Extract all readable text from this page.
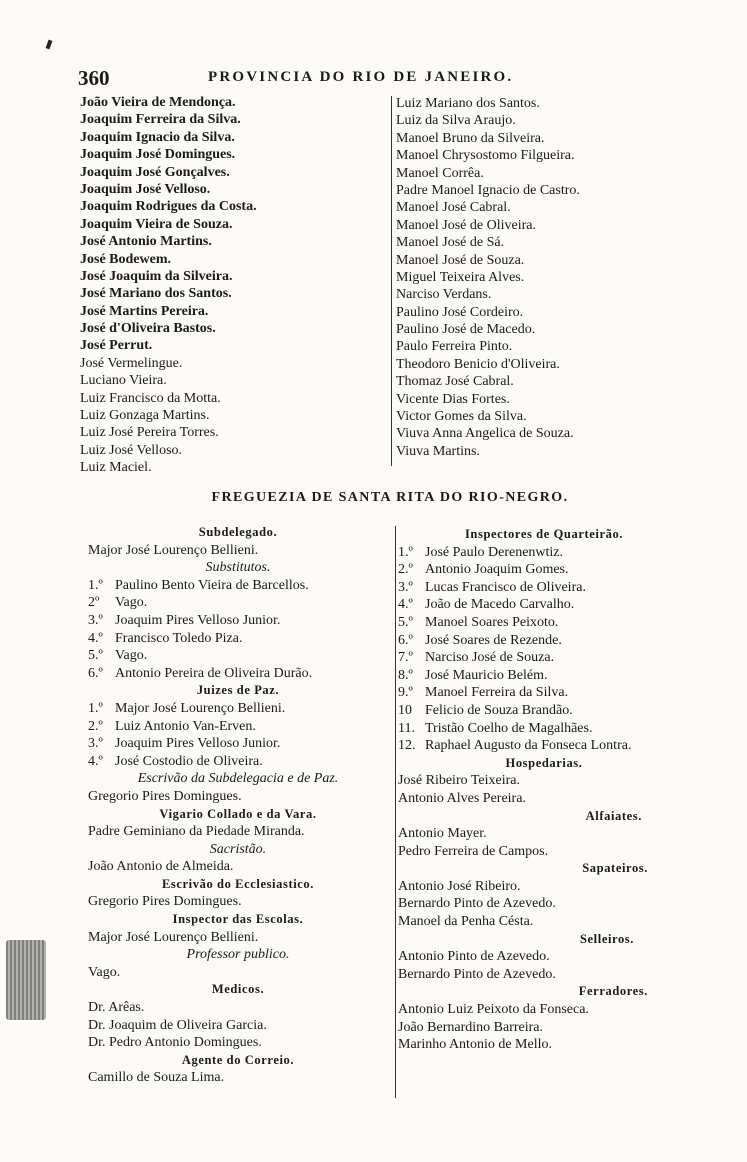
360	PROVINCIA DO RIO DE JANEIRO.
João Vieira de Mendonça.
Joaquim Ferreira da Silva.
Joaquim Ignacio da Silva.
Joaquim José Domingues.
Joaquim José Gonçalves.
Joaquim José Velloso.
Joaquim Rodrigues da Costa.
Joaquim Vieira de Souza.
José Antonio Martins.
José Bodewem.
José Joaquim da Silveira.
José Mariano dos Santos.
José Martins Pereira.
José d'Oliveira Bastos.
José Perrut.
José Vermelingue.
Luciano Vieira.
Luiz Francisco da Motta.
Luiz Gonzaga Martins.
Luiz José Pereira Torres.
Luiz José Velloso.
Luiz Maciel.
Luiz Mariano dos Santos.
Luiz da Silva Araujo.
Manoel Bruno da Silveira.
Manoel Chrysostomo Filgueira.
Manoel Corrêa.
Padre Manoel Ignacio de Castro.
Manoel José Cabral.
Manoel José de Oliveira.
Manoel José de Sá.
Manoel José de Souza.
Miguel Teixeira Alves.
Narciso Verdans.
Paulino José Cordeiro.
Paulino José de Macedo.
Paulo Ferreira Pinto.
Theodoro Benicio d'Oliveira.
Thomaz José Cabral.
Vicente Dias Fortes.
Victor Gomes da Silva.
Viuva Anna Angelica de Souza.
Viuva Martins.
FREGUEZIA DE SANTA RITA DO RIO-NEGRO.
Subdelegado.
Major José Lourenço Bellieni.
Substitutos.
1.º Paulino Bento Vieira de Barcellos.
2º Vago.
3.º Joaquim Pires Velloso Junior.
4.º Francisco Toledo Piza.
5.º Vago.
6.º Antonio Pereira de Oliveira Durão.
Juizes de Paz.
1.º Major José Lourenço Bellieni.
2.º Luiz Antonio Van-Erven.
3.º Joaquim Pires Velloso Junior.
4.º José Costodio de Oliveira.
Escrivão da Subdelegacia e de Paz.
Gregorio Pires Domingues.
Vigario Collado e da Vara.
Padre Geminiano da Piedade Miranda.
Sacristão.
João Antonio de Almeida.
Escrivão do Ecclesiastico.
Gregorio Pires Domingues.
Inspector das Escolas.
Major José Lourenço Bellieni.
Professor publico.
Vago.
Medicos.
Dr. Arêas.
Dr. Joaquim de Oliveira Garcia.
Dr. Pedro Antonio Domingues.
Agente do Correio.
Camillo de Souza Lima.
Inspectores de Quarteirão.
1.º José Paulo Derenenwtiz.
2.º Antonio Joaquim Gomes.
3.º Lucas Francisco de Oliveira.
4.º João de Macedo Carvalho.
5.º Manoel Soares Peixoto.
6.º José Soares de Rezende.
7.º Narciso José de Souza.
8.º José Mauricio Belém.
9.º Manoel Ferreira da Silva.
10 Felicio de Souza Brandão.
11. Tristão Coelho de Magalhães.
12. Raphael Augusto da Fonseca Lontra.
Hospedarias.
José Ribeiro Teixeira.
Antonio Alves Pereira.
Alfaiates.
Antonio Mayer.
Pedro Ferreira de Campos.
Sapateiros.
Antonio José Ribeiro.
Bernardo Pinto de Azevedo.
Manoel da Penha Césta.
Selleiros.
Antonio Pinto de Azevedo.
Bernardo Pinto de Azevedo.
Ferradores.
Antonio Luiz Peixoto da Fonseca.
João Bernardino Barreira.
Marinho Antonio de Mello.
